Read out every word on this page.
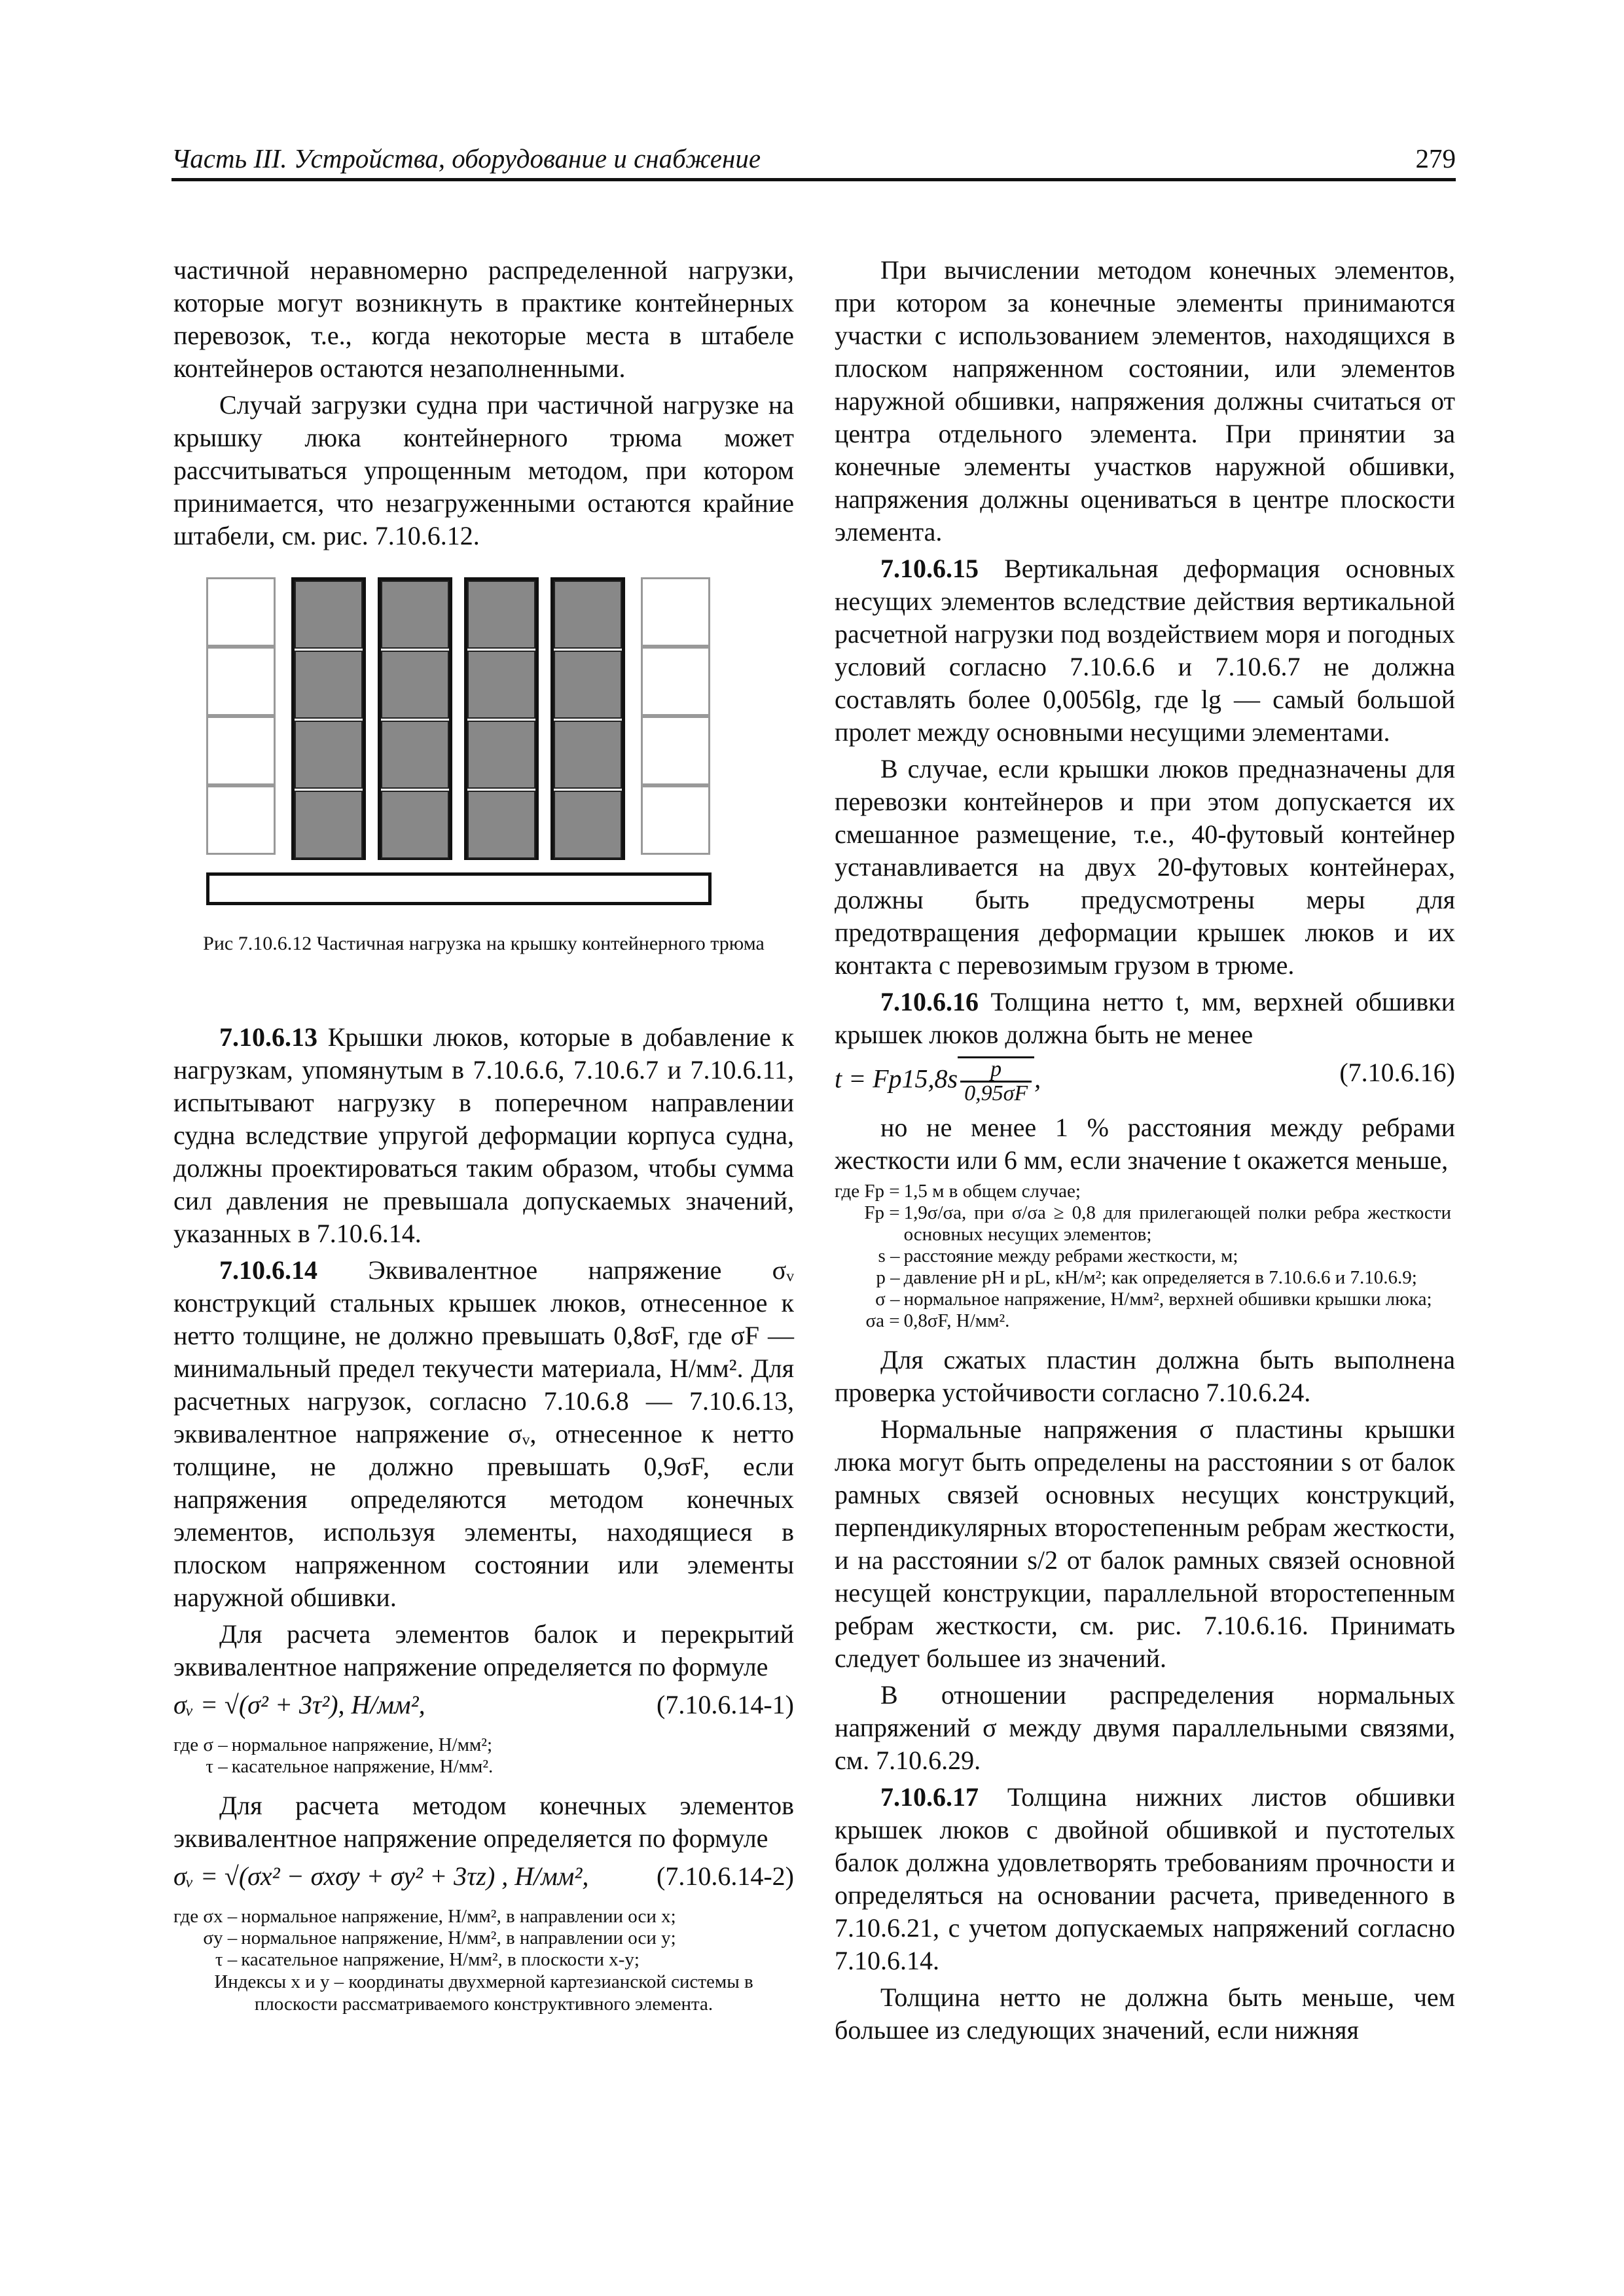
Часть III. Устройства, оборудование и снабжение	279

частичной неравномерно распределенной нагрузки, которые могут возникнуть в практике контейнерных перевозок, т.е., когда некоторые места в штабеле контейнеров остаются незаполненными.

Случай загрузки судна при частичной нагрузке на крышку люка контейнерного трюма может рассчитываться упрощенным методом, при котором принимается, что незагруженными остаются крайние штабели, см. рис. 7.10.6.12.

Рис 7.10.6.12 Частичная нагрузка на крышку контейнерного трюма

7.10.6.13 Крышки люков, которые в добавление к нагрузкам, упомянутым в 7.10.6.6, 7.10.6.7 и 7.10.6.11, испытывают нагрузку в поперечном направлении судна вследствие упругой деформации корпуса судна, должны проектироваться таким образом, чтобы сумма сил давления не превышала допускаемых значений, указанных в 7.10.6.14.

7.10.6.14 Эквивалентное напряжение σᵥ конструкций стальных крышек люков, отнесенное к нетто толщине, не должно превышать 0,8σF, где σF — минимальный предел текучести материала, Н/мм². Для расчетных нагрузок, согласно 7.10.6.8 — 7.10.6.13, эквивалентное напряжение σᵥ, отнесенное к нетто толщине, не должно превышать 0,9σF, если напряжения определяются методом конечных элементов, используя элементы, находящиеся в плоском напряженном состоянии или элементы наружной обшивки.

Для расчета элементов балок и перекрытий эквивалентное напряжение определяется по формуле

σᵥ = √(σ² + 3τ²), Н/мм²,	(7.10.6.14-1)
где σ –	нормальное напряжение, Н/мм²;
τ –	касательное напряжение, Н/мм².

Для расчета методом конечных элементов эквивалентное напряжение определяется по формуле

σᵥ = √(σx² − σxσy + σy² + 3τz) , Н/мм²,	(7.10.6.14-2)
где σx –	нормальное напряжение, Н/мм², в направлении оси x;
σy –	нормальное напряжение, Н/мм², в направлении оси y;
τ –	касательное напряжение, Н/мм², в плоскости x-y;
Индексы x и y – координаты двухмерной картезианской системы в плоскости рассматриваемого конструктивного элемента.

При вычислении методом конечных элементов, при котором за конечные элементы принимаются участки с использованием элементов, находящихся в плоском напряженном состоянии, или элементов наружной обшивки, напряжения должны считаться от центра отдельного элемента. При принятии за конечные элементы участков наружной обшивки, напряжения должны оцениваться в центре плоскости элемента.

7.10.6.15 Вертикальная деформация основных несущих элементов вследствие действия вертикальной расчетной нагрузки под воздействием моря и погодных условий согласно 7.10.6.6 и 7.10.6.7 не должна составлять более 0,0056lg, где lg — самый большой пролет между основными несущими элементами.

В случае, если крышки люков предназначены для перевозки контейнеров и при этом допускается их смешанное размещение, т.е., 40-футовый контейнер устанавливается на двух 20-футовых контейнерах, должны быть предусмотрены меры для предотвращения деформации крышек люков и их контакта с перевозимым грузом в трюме.

7.10.6.16 Толщина нетто t, мм, верхней обшивки крышек люков должна быть не менее

$t = Fp15,8s \frac{p}{0,95\sigma F}$ ,	(7.10.6.16)

но не менее 1 % расстояния между ребрами жесткости или 6 мм, если значение t окажется меньше,

где Fp =	1,5 м в общем случае;
Fp =	1,9σ/σa, при σ/σa ≥ 0,8 для прилегающей полки ребра жесткости основных несущих элементов;
s –	расстояние между ребрами жесткости, м;
p –	давление pH и pL, кН/м²; как определяется в 7.10.6.6 и 7.10.6.9;
σ –	нормальное напряжение, Н/мм², верхней обшивки крышки люка;
σa =	0,8σF, Н/мм².

Для сжатых пластин должна быть выполнена проверка устойчивости согласно 7.10.6.24.

Нормальные напряжения σ пластины крышки люка могут быть определены на расстоянии s от балок рамных связей основных несущих конструкций, перпендикулярных второстепенным ребрам жесткости, и на расстоянии s/2 от балок рамных связей основной несущей конструкции, параллельной второстепенным ребрам жесткости, см. рис. 7.10.6.16. Принимать следует большее из значений.

В отношении распределения нормальных напряжений σ между двумя параллельными связями, см. 7.10.6.29.

7.10.6.17 Толщина нижних листов обшивки крышек люков с двойной обшивкой и пустотелых балок должна удовлетворять требованиям прочности и определяться на основании расчета, приведенного в 7.10.6.21, с учетом допускаемых напряжений согласно 7.10.6.14.

Толщина нетто не должна быть меньше, чем большее из следующих значений, если нижняя
